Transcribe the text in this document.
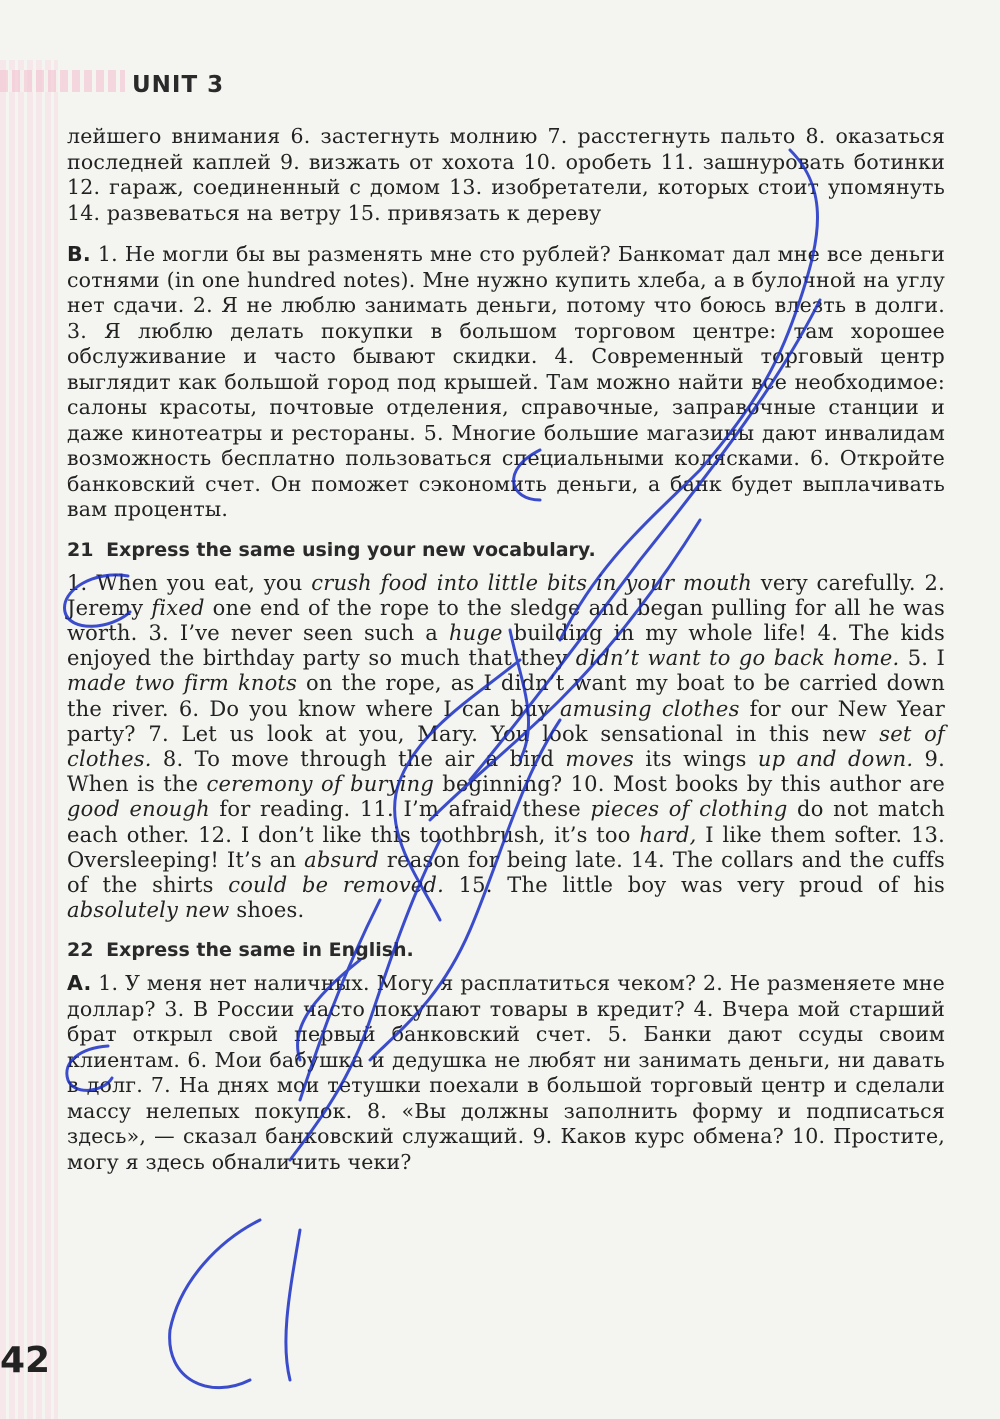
UNIT 3

лейшего внимания 6. застегнуть молнию 7. расстегнуть пальто 8. оказаться последней каплей 9. визжать от хохота 10. оробеть 11. зашнуровать ботинки 12. гараж, соединенный с домом 13. изобретатели, которых стоит упомянуть 14. развеваться на ветру 15. привязать к дереву

B. 1. Не могли бы вы разменять мне сто рублей? Банкомат дал мне все деньги сотнями (in one hundred notes). Мне нужно купить хлеба, а в булочной на углу нет сдачи. 2. Я не люблю занимать деньги, потому что боюсь влезть в долги. 3. Я люблю делать покупки в большом торговом центре: там хорошее обслуживание и часто бывают скидки. 4. Современный торговый центр выглядит как большой город под крышей. Там можно найти все необходимое: салоны красоты, почтовые отделения, справочные, заправочные станции и даже кинотеатры и рестораны. 5. Многие большие магазины дают инвалидам возможность бесплатно пользоваться специальными колясками. 6. Откройте банковский счет. Он поможет сэкономить деньги, а банк будет выплачивать вам проценты.

21 Express the same using your new vocabulary.

1. When you eat, you crush food into little bits in your mouth very carefully. 2. Jeremy fixed one end of the rope to the sledge and began pulling for all he was worth. 3. I’ve never seen such a huge building in my whole life! 4. The kids enjoyed the birthday party so much that they didn’t want to go back home. 5. I made two firm knots on the rope, as I didn’t want my boat to be carried down the river. 6. Do you know where I can buy amusing clothes for our New Year party? 7. Let us look at you, Mary. You look sensational in this new set of clothes. 8. To move through the air a bird moves its wings up and down. 9. When is the ceremony of burying beginning? 10. Most books by this author are good enough for reading. 11. I’m afraid these pieces of clothing do not match each other. 12. I don’t like this toothbrush, it’s too hard, I like them softer. 13. Oversleeping! It’s an absurd reason for being late. 14. The collars and the cuffs of the shirts could be removed. 15. The little boy was very proud of his absolutely new shoes.

22 Express the same in English.

A. 1. У меня нет наличных. Могу я расплатиться чеком? 2. Не разменяете мне доллар? 3. В России часто покупают товары в кредит? 4. Вчера мой старший брат открыл свой первый банковский счет. 5. Банки дают ссуды своим клиентам. 6. Мои бабушка и дедушка не любят ни занимать деньги, ни давать в долг. 7. На днях мои тетушки поехали в большой торговый центр и сделали массу нелепых покупок. 8. «Вы должны заполнить форму и подписаться здесь», — сказал банковский служащий. 9. Каков курс обмена? 10. Простите, могу я здесь обналичить чеки?

42
